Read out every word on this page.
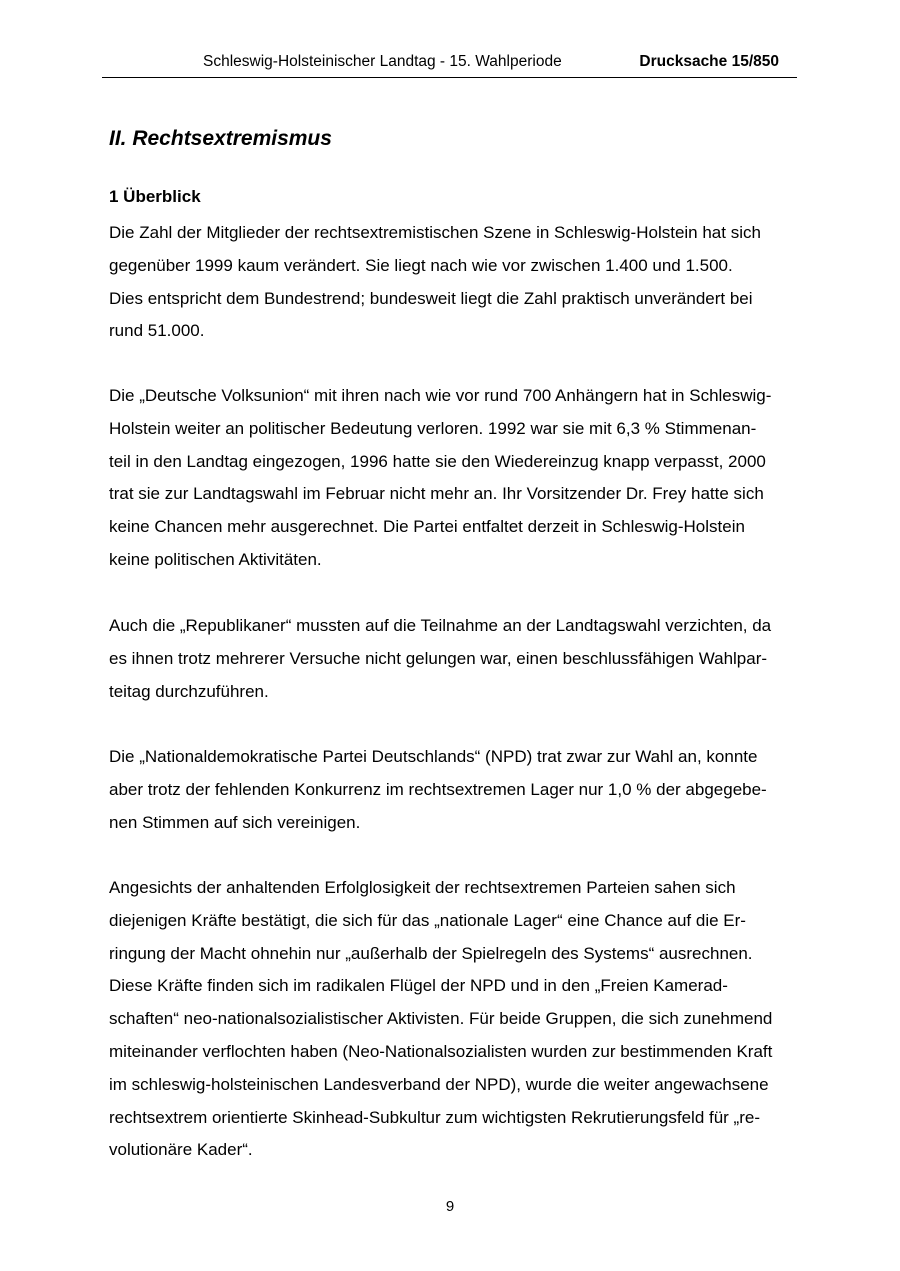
Schleswig-Holsteinischer Landtag - 15. Wahlperiode	Drucksache 15/850
II. Rechtsextremismus
1 Überblick

Die Zahl der Mitglieder der rechtsextremistischen Szene in Schleswig-Holstein hat sich
gegenüber 1999 kaum verändert. Sie liegt nach wie vor zwischen 1.400 und 1.500.
Dies entspricht dem Bundestrend; bundesweit liegt die Zahl praktisch unverändert bei
rund 51.000.

Die „Deutsche Volksunion“ mit ihren nach wie vor rund 700 Anhängern hat in Schleswig-
Holstein weiter an politischer Bedeutung verloren. 1992 war sie mit 6,3 % Stimmenan-
teil in den Landtag eingezogen, 1996 hatte sie den Wiedereinzug knapp verpasst, 2000
trat sie zur Landtagswahl im Februar nicht mehr an. Ihr Vorsitzender Dr. Frey hatte sich
keine Chancen mehr ausgerechnet. Die Partei entfaltet derzeit in Schleswig-Holstein
keine politischen Aktivitäten.

Auch die „Republikaner“ mussten auf die Teilnahme an der Landtagswahl verzichten, da
es ihnen trotz mehrerer Versuche nicht gelungen war, einen beschlussfähigen Wahlpar-
teitag durchzuführen.

Die „Nationaldemokratische Partei Deutschlands“ (NPD) trat zwar zur Wahl an, konnte
aber trotz der fehlenden Konkurrenz im rechtsextremen Lager nur 1,0 % der abgegebe-
nen Stimmen auf sich vereinigen.

Angesichts der anhaltenden Erfolglosigkeit der rechtsextremen Parteien sahen sich
diejenigen Kräfte bestätigt, die sich für das „nationale Lager“ eine Chance auf die Er-
ringung der Macht ohnehin nur „außerhalb der Spielregeln des Systems“ ausrechnen.
Diese Kräfte finden sich im radikalen Flügel der NPD und in den „Freien Kamerad-
schaften“ neo-nationalsozialistischer Aktivisten. Für beide Gruppen, die sich zunehmend
miteinander verflochten haben (Neo-Nationalsozialisten wurden zur bestimmenden Kraft
im schleswig-holsteinischen Landesverband der NPD), wurde die weiter angewachsene
rechtsextrem orientierte Skinhead-Subkultur zum wichtigsten Rekrutierungsfeld für „re-
volutionäre Kader“.

9
